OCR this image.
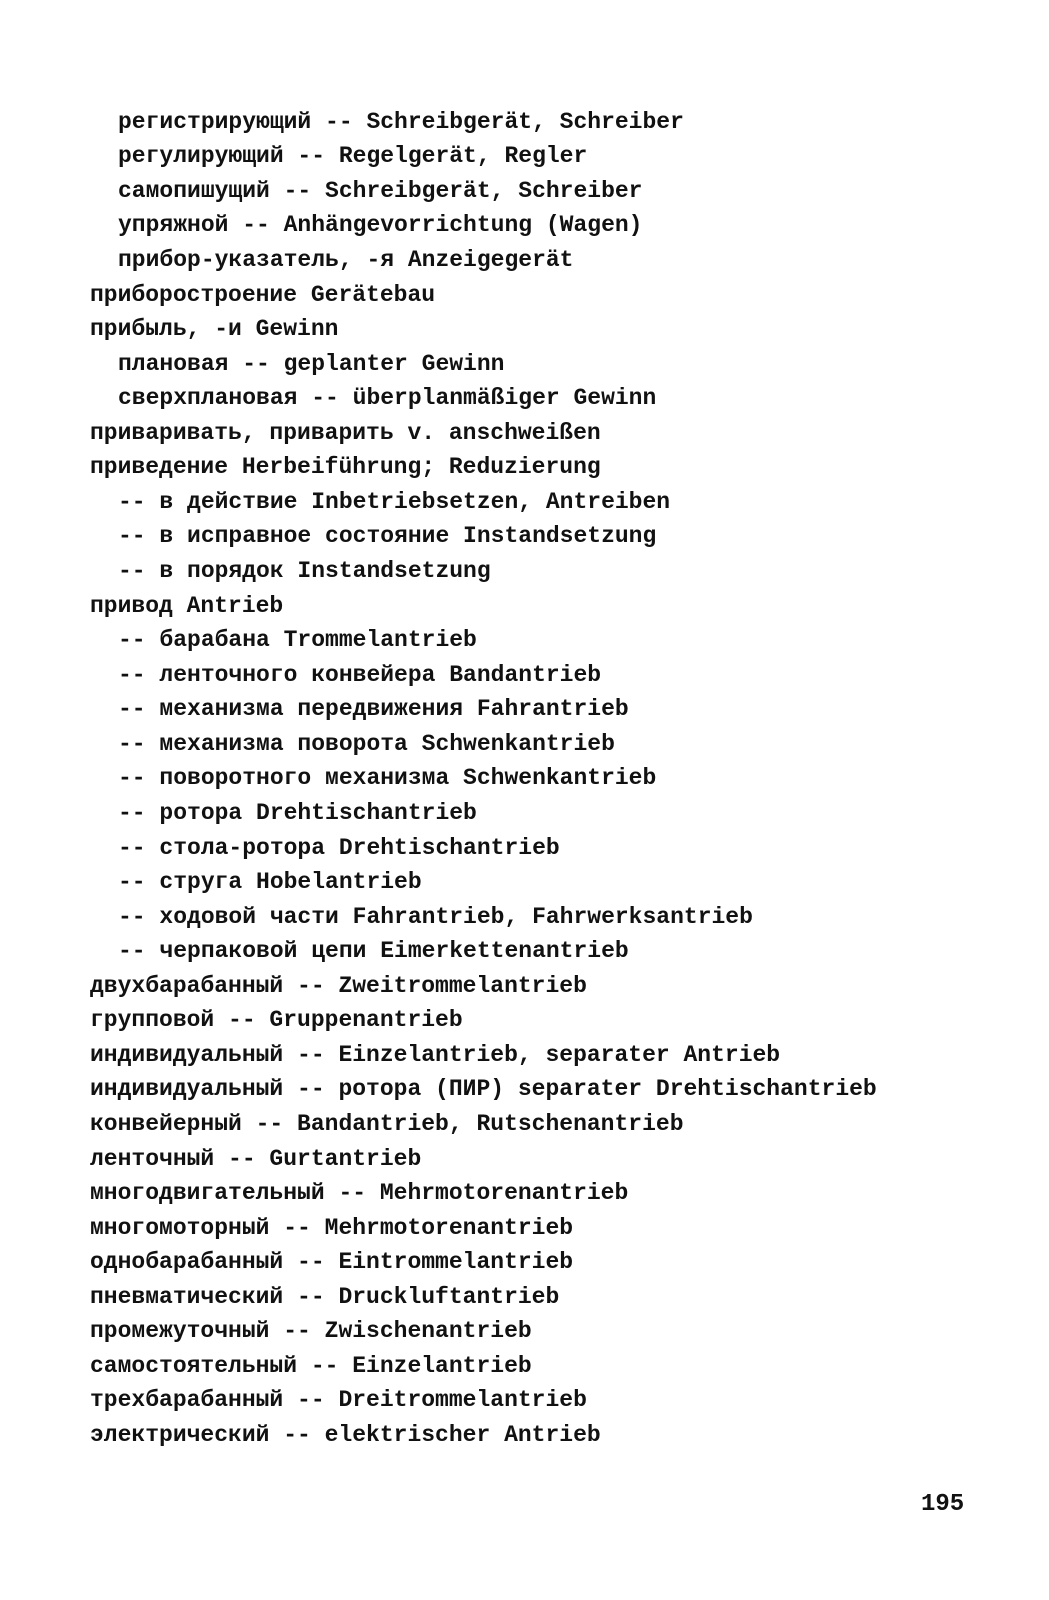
регистрирующий -- Schreibgerät, Schreiber
регулирующий -- Regelgerät, Regler
самопишущий -- Schreibgerät, Schreiber
упряжной -- Anhängevorrichtung (Wagen)
прибор-указатель, -я Anzeigegerät
приборостроение Gerätebau
прибыль, -и Gewinn
плановая -- geplanter Gewinn
сверхплановая -- überplanmäßiger Gewinn
приваривать, приварить v. anschweißen
приведение Herbeiführung; Reduzierung
-- в действие Inbetriebsetzen, Antreiben
-- в исправное состояние Instandsetzung
-- в порядок Instandsetzung
привод Antrieb
-- барабана Trommelantrieb
-- ленточного конвейера Bandantrieb
-- механизма передвижения Fahrantrieb
-- механизма поворота Schwenkantrieb
-- поворотного механизма Schwenkantrieb
-- ротора Drehtischantrieb
-- стола-ротора Drehtischantrieb
-- струга Hobelantrieb
-- ходовой части Fahrantrieb, Fahrwerksantrieb
-- черпаковой цепи Eimerkettenantrieb
двухбарабанный -- Zweitrommelantrieb
групповой -- Gruppenantrieb
индивидуальный -- Einzelantrieb, separater Antrieb
индивидуальный -- ротора (ПИР) separater Drehtischantrieb
конвейерный -- Bandantrieb, Rutschenantrieb
ленточный -- Gurtantrieb
многодвигательный -- Mehrmotorenantrieb
многомоторный -- Mehrmotorenantrieb
однобарабанный -- Eintrommelantrieb
пневматический -- Druckluftantrieb
промежуточный -- Zwischenantrieb
самостоятельный -- Einzelantrieb
трехбарабанный -- Dreitrommelantrieb
электрический -- elektrischer Antrieb
195
